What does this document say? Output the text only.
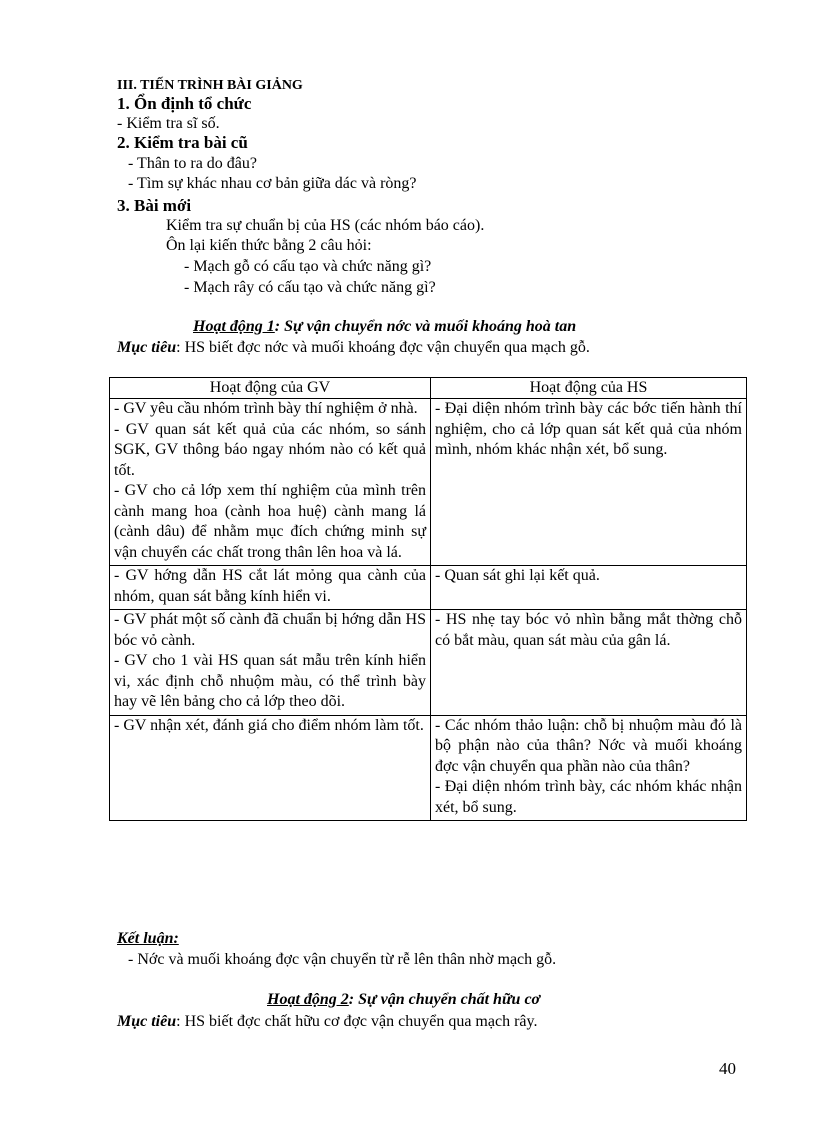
III. TIẾN TRÌNH BÀI GIẢNG
1. Ổn định tổ chức
- Kiểm tra sĩ số.
2. Kiểm tra bài cũ
- Thân to ra do đâu?
- Tìm sự khác nhau cơ bản giữa dác và ròng?
3. Bài mới
Kiểm tra sự chuẩn bị của HS (các nhóm báo cáo).
Ôn lại kiến thức bằng 2 câu hỏi:
- Mạch gỗ có cấu tạo và chức năng gì?
- Mạch rây có cấu tạo và chức năng gì?
Hoạt động 1: Sự vận chuyển nớc và muối khoáng hoà tan
Mục tiêu: HS biết đợc nớc và muối khoáng đợc vận chuyển qua mạch gỗ.
Hoạt động của GV	Hoạt động của HS

- GV yêu cầu nhóm trình bày thí nghiệm ở nhà.
- GV quan sát kết quả của các nhóm, so sánh SGK, GV thông báo ngay nhóm nào có kết quả tốt.
- GV cho cả lớp xem thí nghiệm của mình trên cành mang hoa (cành hoa huệ) cành mang lá (cành dâu) để nhằm mục đích chứng minh sự vận chuyển các chất trong thân lên hoa và lá.	- Đại diện nhóm trình bày các bớc tiến hành thí nghiệm, cho cả lớp quan sát kết quả của nhóm mình, nhóm khác nhận xét, bổ sung.

- GV hớng dẫn HS cắt lát mỏng qua cành của nhóm, quan sát bằng kính hiển vi.	- Quan sát ghi lại kết quả.

- GV phát một số cành đã chuẩn bị hớng dẫn HS bóc vỏ cành.
- GV cho 1 vài HS quan sát mẫu trên kính hiển vi, xác định chỗ nhuộm màu, có thể trình bày hay vẽ lên bảng cho cả lớp theo dõi.	- HS nhẹ tay bóc vỏ nhìn bằng mắt thờng chỗ có bắt màu, quan sát màu của gân lá.

- GV nhận xét, đánh giá cho điểm nhóm làm tốt.	- Các nhóm thảo luận: chỗ bị nhuộm màu đó là bộ phận nào của thân? Nớc và muối khoáng đợc vận chuyển qua phần nào của thân?
- Đại diện nhóm trình bày, các nhóm khác nhận xét, bổ sung.
Kết luận:
- Nớc và muối khoáng đợc vận chuyển từ rễ lên thân nhờ mạch gỗ.
Hoạt động 2: Sự vận chuyển chất hữu cơ
Mục tiêu: HS biết đợc chất hữu cơ đợc vận chuyển qua mạch rây.
40
